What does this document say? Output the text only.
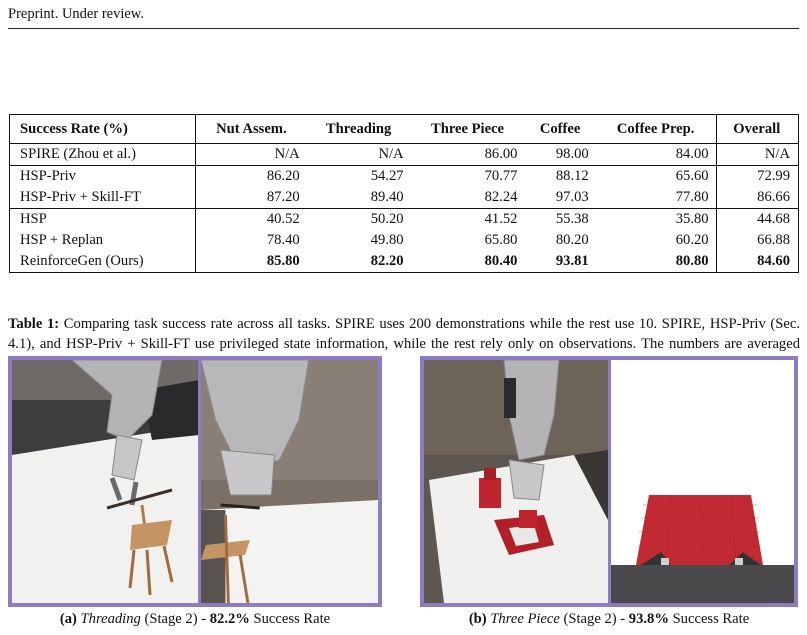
Preprint. Under review.
Success Rate (%)	Nut Assem.	Threading	Three Piece	Coffee	Coffee Prep.	Overall
SPIRE (Zhou et al.)	N/A	N/A	86.00	98.00	84.00	N/A
HSP-Priv	86.20	54.27	70.77	88.12	65.60	72.99
HSP-Priv + Skill-FT	87.20	89.40	82.24	97.03	77.80	86.66
HSP	40.52	50.20	41.52	55.38	35.80	44.68
HSP + Replan	78.40	49.80	65.80	80.20	60.20	66.88
ReinforceGen (Ours)	85.80	82.20	80.40	93.81	80.80	84.60
Table 1: Comparing task success rate across all tasks. SPIRE uses 200 demonstrations while the rest use 10. SPIRE, HSP-Priv (Sec. 4.1), and HSP-Priv + Skill-FT use privileged state information, while the rest rely only on observations. The numbers are averaged
(a) Threading (Stage 2) - 82.2% Success Rate	(b) Three Piece (Stage 2) - 93.8% Success Rate
